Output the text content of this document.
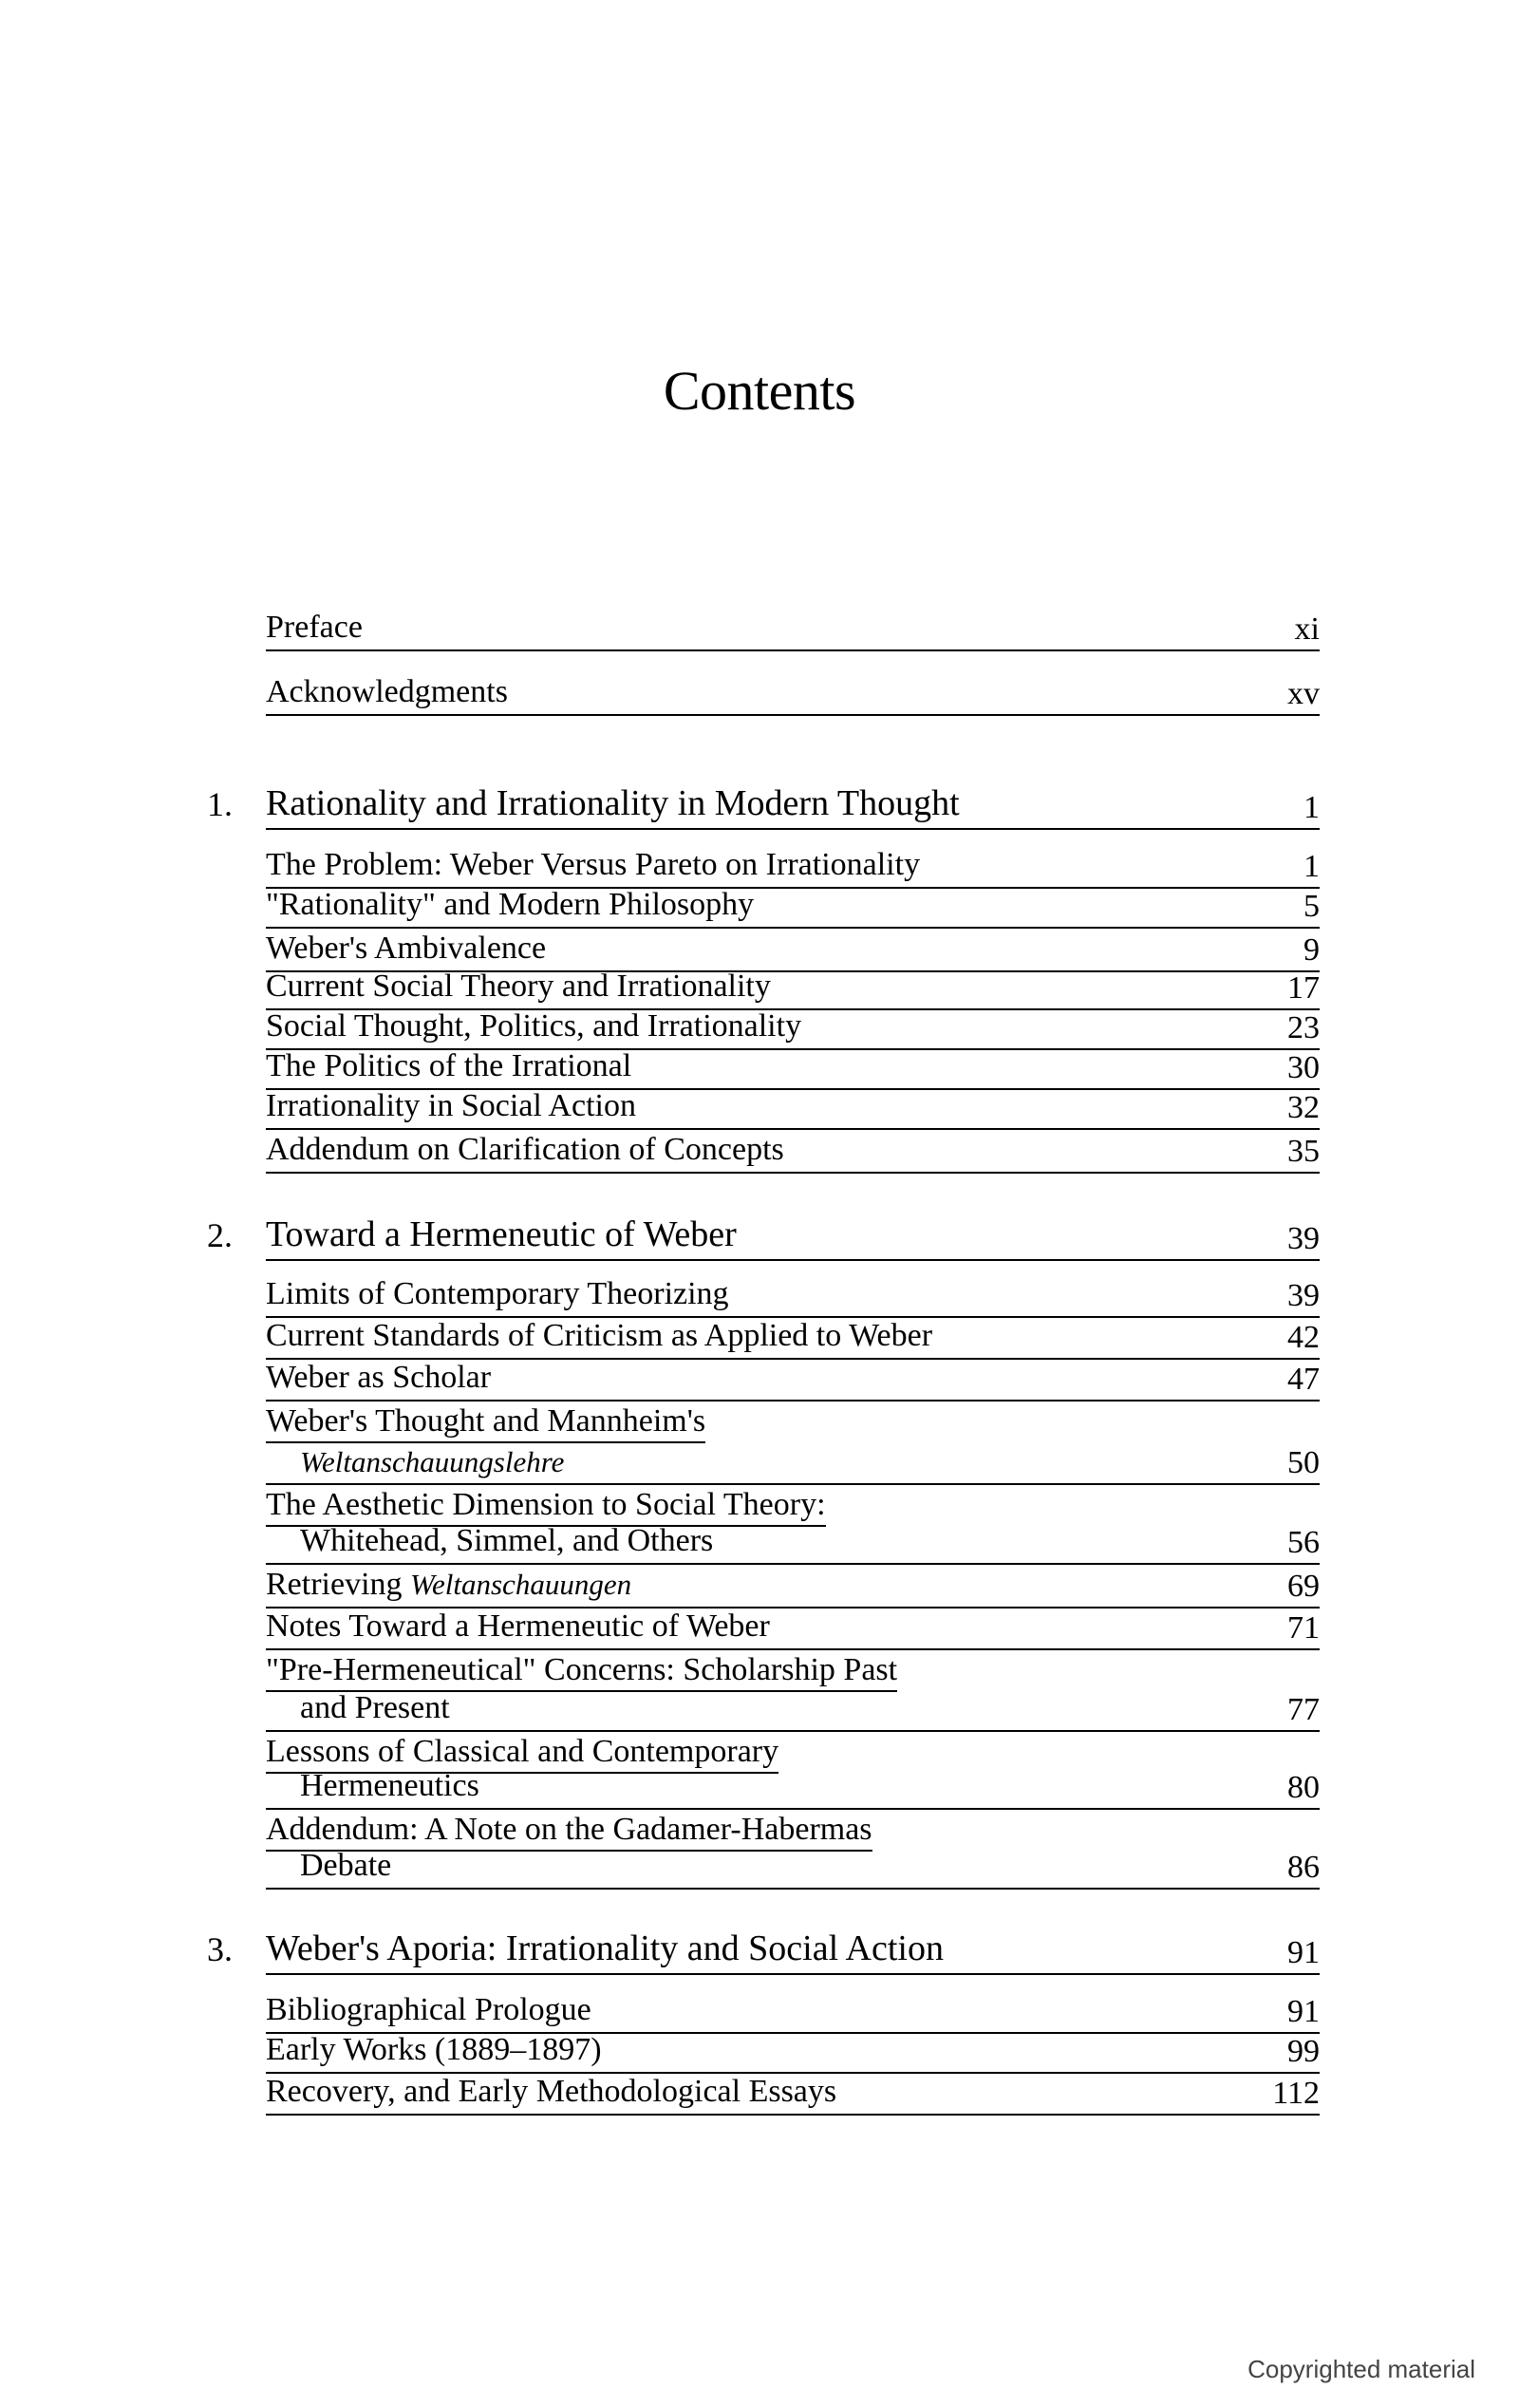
Contents
Preface	xi
Acknowledgments	xv
1. Rationality and Irrationality in Modern Thought	1
The Problem: Weber Versus Pareto on Irrationality	1
"Rationality" and Modern Philosophy	5
Weber's Ambivalence	9
Current Social Theory and Irrationality	17
Social Thought, Politics, and Irrationality	23
The Politics of the Irrational	30
Irrationality in Social Action	32
Addendum on Clarification of Concepts	35
2. Toward a Hermeneutic of Weber	39
Limits of Contemporary Theorizing	39
Current Standards of Criticism as Applied to Weber	42
Weber as Scholar	47
Weber's Thought and Mannheim's
Weltanschauungslehre	50
The Aesthetic Dimension to Social Theory:
Whitehead, Simmel, and Others	56
Retrieving Weltanschauungen	69
Notes Toward a Hermeneutic of Weber	71
"Pre-Hermeneutical" Concerns: Scholarship Past
and Present	77
Lessons of Classical and Contemporary
Hermeneutics	80
Addendum: A Note on the Gadamer-Habermas
Debate	86
3. Weber's Aporia: Irrationality and Social Action	91
Bibliographical Prologue	91
Early Works (1889–1897)	99
Recovery, and Early Methodological Essays	112
Copyrighted material
